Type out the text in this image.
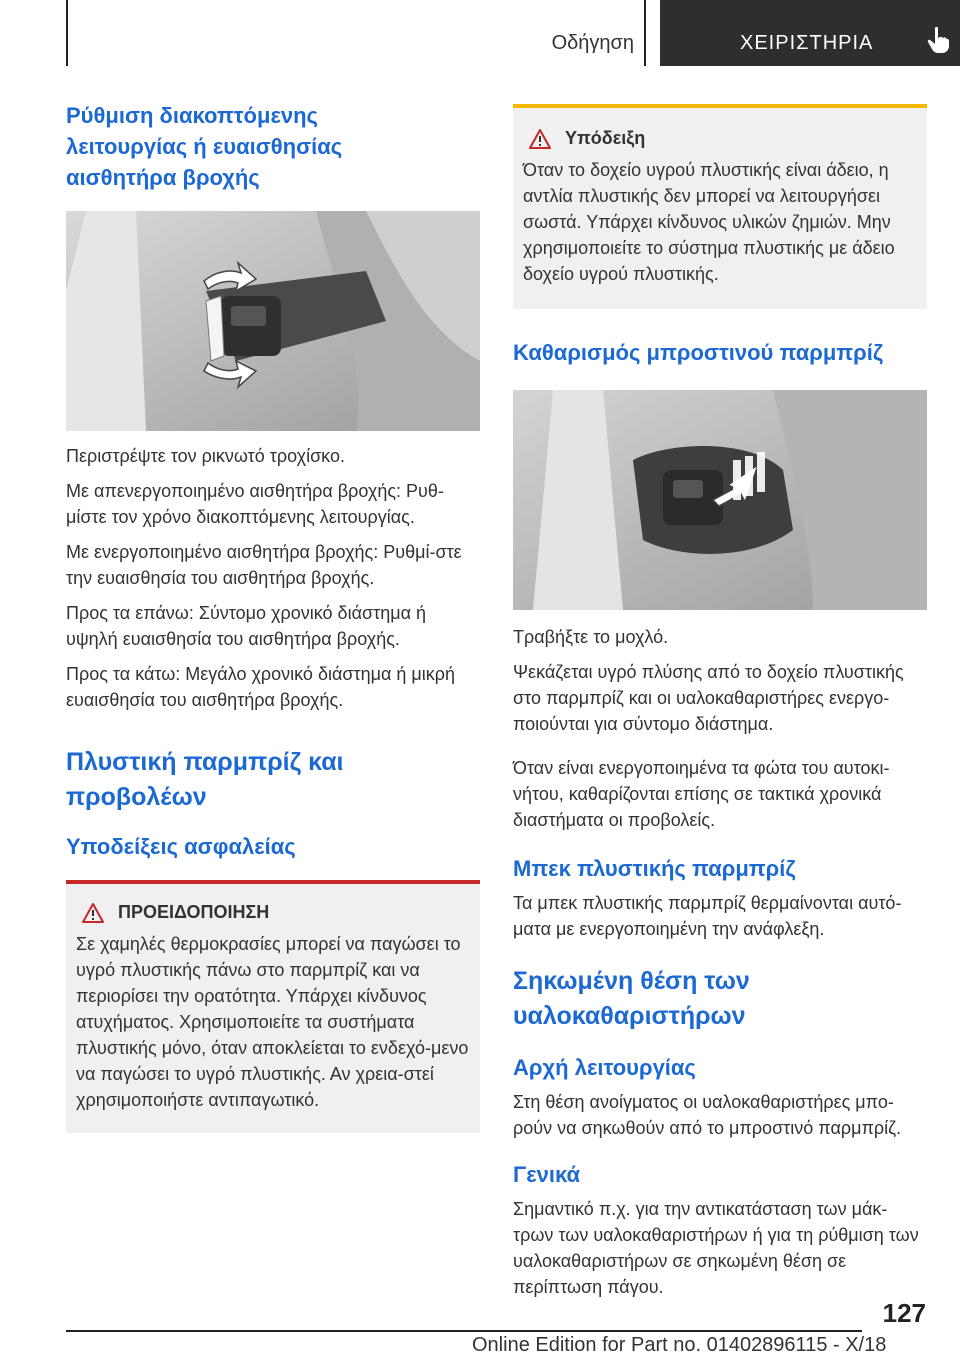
Οδήγηση	ΧΕΙΡΙΣΤΗΡΙΑ
Ρύθμιση διακοπτόμενης λειτουργίας ή ευαισθησίας αισθητήρα βροχής

Περιστρέψτε τον ρικνωτό τροχίσκο.

Με απενεργοποιημένο αισθητήρα βροχής: Ρυθ-μίστε τον χρόνο διακοπτόμενης λειτουργίας.

Με ενεργοποιημένο αισθητήρα βροχής: Ρυθμί-στε την ευαισθησία του αισθητήρα βροχής.

Προς τα επάνω: Σύντομο χρονικό διάστημα ή υψηλή ευαισθησία του αισθητήρα βροχής.

Προς τα κάτω: Μεγάλο χρονικό διάστημα ή μικρή ευαισθησία του αισθητήρα βροχής.

Πλυστική παρμπρίζ και προβολέων
Υποδείξεις ασφαλείας
ΠΡΟΕΙΔΟΠΟΙΗΣΗ

Σε χαμηλές θερμοκρασίες μπορεί να παγώσει το υγρό πλυστικής πάνω στο παρμπρίζ και να περιορίσει την ορατότητα. Υπάρχει κίνδυνος ατυχήματος. Χρησιμοποιείτε τα συστήματα πλυστικής μόνο, όταν αποκλείεται το ενδεχό-μενο να παγώσει το υγρό πλυστικής. Αν χρεια-στεί χρησιμοποιήστε αντιπαγωτικό.

Υπόδειξη

Όταν το δοχείο υγρού πλυστικής είναι άδειο, η αντλία πλυστικής δεν μπορεί να λειτουργήσει σωστά. Υπάρχει κίνδυνος υλικών ζημιών. Μην χρησιμοποιείτε το σύστημα πλυστικής με άδειο δοχείο υγρού πλυστικής.

Καθαρισμός μπροστινού παρμπρίζ

Τραβήξτε το μοχλό.

Ψεκάζεται υγρό πλύσης από το δοχείο πλυστικής στο παρμπρίζ και οι υαλοκαθαριστήρες ενεργο-ποιούνται για σύντομο διάστημα.

Όταν είναι ενεργοποιημένα τα φώτα του αυτοκι-νήτου, καθαρίζονται επίσης σε τακτικά χρονικά διαστήματα οι προβολείς.

Μπεκ πλυστικής παρμπρίζ

Τα μπεκ πλυστικής παρμπρίζ θερμαίνονται αυτό-ματα με ενεργοποιημένη την ανάφλεξη.

Σηκωμένη θέση των υαλοκαθαριστήρων
Αρχή λειτουργίας

Στη θέση ανοίγματος οι υαλοκαθαριστήρες μπο-ρούν να σηκωθούν από το μπροστινό παρμπρίζ.

Γενικά

Σημαντικό π.χ. για την αντικατάσταση των μάκ-τρων των υαλοκαθαριστήρων ή για τη ρύθμιση των υαλοκαθαριστήρων σε σηκωμένη θέση σε περίπτωση πάγου.

127
Online Edition for Part no. 01402896115 - X/18
